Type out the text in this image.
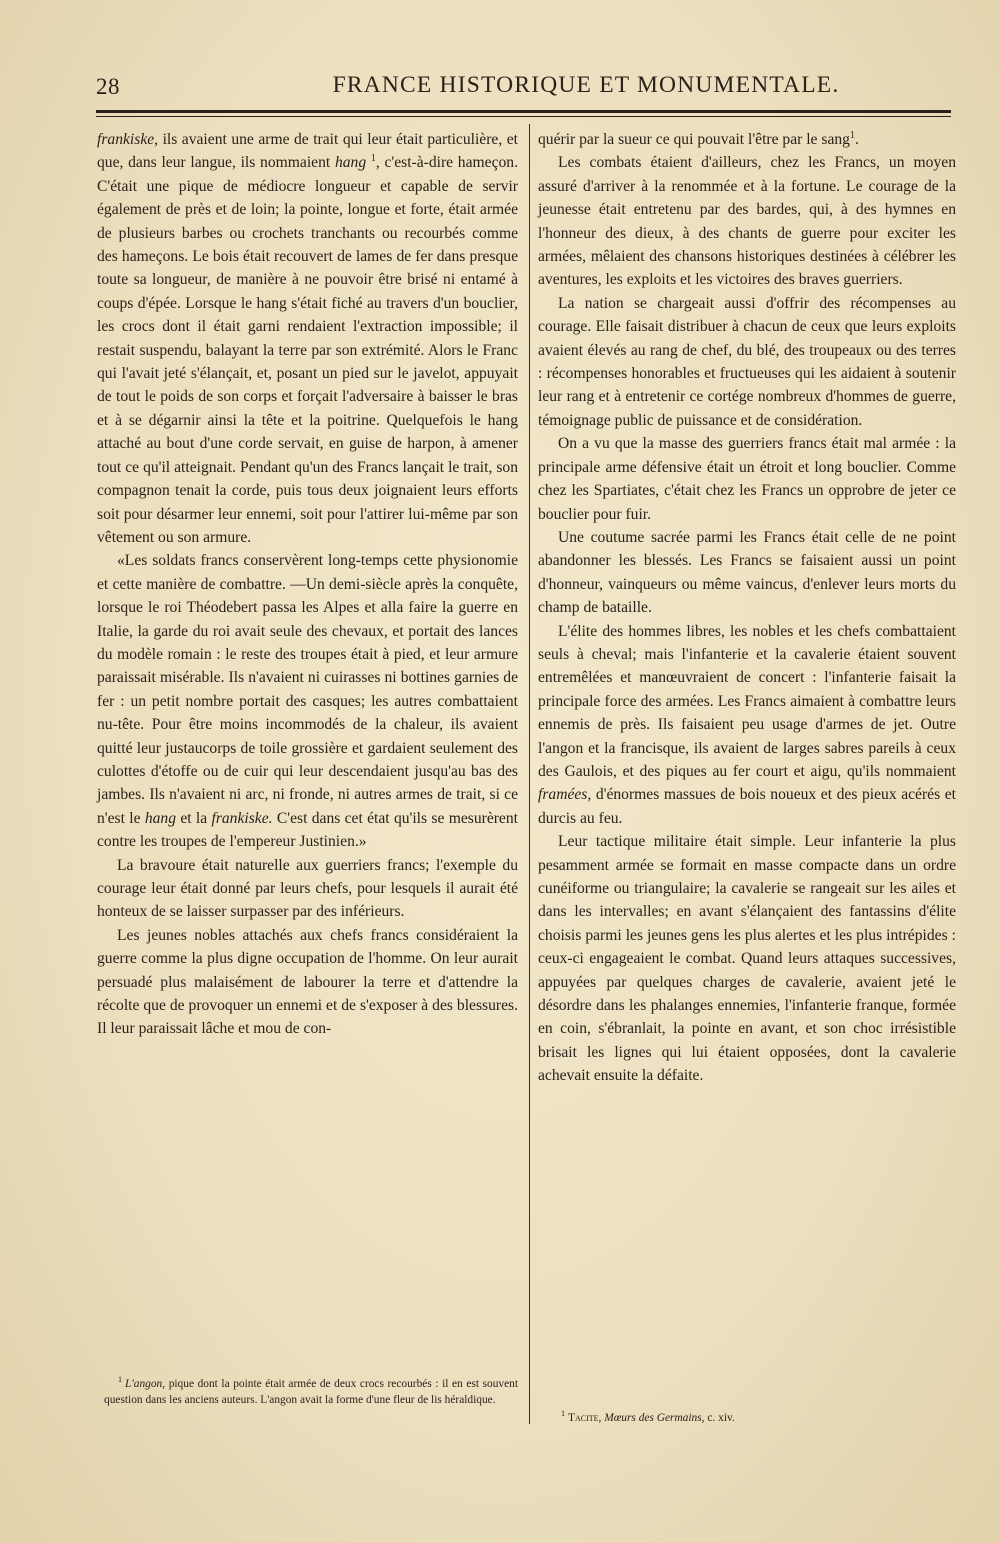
28	FRANCE HISTORIQUE ET MONUMENTALE.

frankiske, ils avaient une arme de trait qui leur était particulière, et que, dans leur langue, ils nommaient hang $^1$, c'est-à-dire hameçon. C'était une pique de médiocre longueur et capable de servir également de près et de loin; la pointe, longue et forte, était armée de plusieurs barbes ou crochets tranchants ou recourbés comme des hameçons. Le bois était recouvert de lames de fer dans presque toute sa longueur, de manière à ne pouvoir être brisé ni entamé à coups d'épée. Lorsque le hang s'était fiché au travers d'un bouclier, les crocs dont il était garni rendaient l'extraction impossible; il restait suspendu, balayant la terre par son extrémité. Alors le Franc qui l'avait jeté s'élançait, et, posant un pied sur le javelot, appuyait de tout le poids de son corps et forçait l'adversaire à baisser le bras et à se dégarnir ainsi la tête et la poitrine. Quelquefois le hang attaché au bout d'une corde servait, en guise de harpon, à amener tout ce qu'il atteignait. Pendant qu'un des Francs lançait le trait, son compagnon tenait la corde, puis tous deux joignaient leurs efforts soit pour désarmer leur ennemi, soit pour l'attirer lui-même par son vêtement ou son armure.

«Les soldats francs conservèrent long-temps cette physionomie et cette manière de combattre. —Un demi-siècle après la conquête, lorsque le roi Théodebert passa les Alpes et alla faire la guerre en Italie, la garde du roi avait seule des chevaux, et portait des lances du modèle romain : le reste des troupes était à pied, et leur armure paraissait misérable. Ils n'avaient ni cuirasses ni bottines garnies de fer : un petit nombre portait des casques; les autres combattaient nu-tête. Pour être moins incommodés de la chaleur, ils avaient quitté leur justaucorps de toile grossière et gardaient seulement des culottes d'étoffe ou de cuir qui leur descendaient jusqu'au bas des jambes. Ils n'avaient ni arc, ni fronde, ni autres armes de trait, si ce n'est le hang et la frankiske. C'est dans cet état qu'ils se mesurèrent contre les troupes de l'empereur Justinien.»

La bravoure était naturelle aux guerriers francs; l'exemple du courage leur était donné par leurs chefs, pour lesquels il aurait été honteux de se laisser surpasser par des inférieurs.

Les jeunes nobles attachés aux chefs francs considéraient la guerre comme la plus digne occupation de l'homme. On leur aurait persuadé plus malaisément de labourer la terre et d'attendre la récolte que de provoquer un ennemi et de s'exposer à des blessures. Il leur paraissait lâche et mou de con-

quérir par la sueur ce qui pouvait l'être par le sang$^1$.

Les combats étaient d'ailleurs, chez les Francs, un moyen assuré d'arriver à la renommée et à la fortune. Le courage de la jeunesse était entretenu par des bardes, qui, à des hymnes en l'honneur des dieux, à des chants de guerre pour exciter les armées, mêlaient des chansons historiques destinées à célébrer les aventures, les exploits et les victoires des braves guerriers.

La nation se chargeait aussi d'offrir des récompenses au courage. Elle faisait distribuer à chacun de ceux que leurs exploits avaient élevés au rang de chef, du blé, des troupeaux ou des terres : récompenses honorables et fructueuses qui les aidaient à soutenir leur rang et à entretenir ce cortége nombreux d'hommes de guerre, témoignage public de puissance et de considération.

On a vu que la masse des guerriers francs était mal armée : la principale arme défensive était un étroit et long bouclier. Comme chez les Spartiates, c'était chez les Francs un opprobre de jeter ce bouclier pour fuir.

Une coutume sacrée parmi les Francs était celle de ne point abandonner les blessés. Les Francs se faisaient aussi un point d'honneur, vainqueurs ou même vaincus, d'enlever leurs morts du champ de bataille.

L'élite des hommes libres, les nobles et les chefs combattaient seuls à cheval; mais l'infanterie et la cavalerie étaient souvent entremêlées et manœuvraient de concert : l'infanterie faisait la principale force des armées. Les Francs aimaient à combattre leurs ennemis de près. Ils faisaient peu usage d'armes de jet. Outre l'angon et la francisque, ils avaient de larges sabres pareils à ceux des Gaulois, et des piques au fer court et aigu, qu'ils nommaient framées, d'énormes massues de bois noueux et des pieux acérés et durcis au feu.

Leur tactique militaire était simple. Leur infanterie la plus pesamment armée se formait en masse compacte dans un ordre cunéiforme ou triangulaire; la cavalerie se rangeait sur les ailes et dans les intervalles; en avant s'élançaient des fantassins d'élite choisis parmi les jeunes gens les plus alertes et les plus intrépides : ceux-ci engageaient le combat. Quand leurs attaques successives, appuyées par quelques charges de cavalerie, avaient jeté le désordre dans les phalanges ennemies, l'infanterie franque, formée en coin, s'ébranlait, la pointe en avant, et son choc irrésistible brisait les lignes qui lui étaient opposées, dont la cavalerie achevait ensuite la défaite.

$^1$ L'angon, pique dont la pointe était armée de deux crocs recourbés : il en est souvent question dans les anciens auteurs. L'angon avait la forme d'une fleur de lis héraldique.
$^1$ Tacite, Mœurs des Germains, c. xiv.
